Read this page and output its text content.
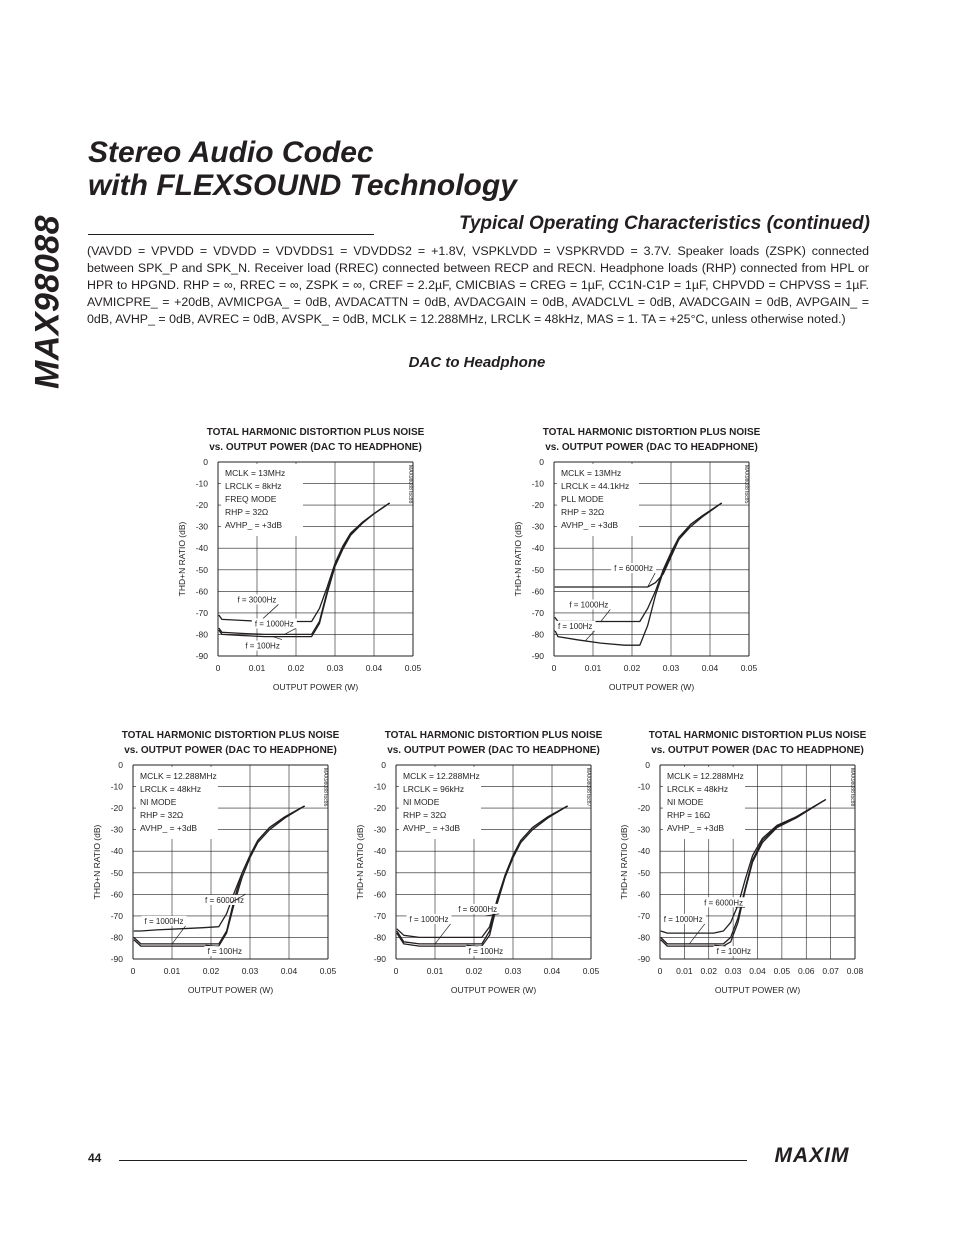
MAX98088
Stereo Audio Codec
with FLEXSOUND Technology
Typical Operating Characteristics (continued)

(VAVDD = VPVDD = VDVDD = VDVDDS1 = VDVDDS2 = +1.8V, VSPKLVDD = VSPKRVDD = 3.7V. Speaker loads (ZSPK) connected between SPK_P and SPK_N. Receiver load (RREC) connected between RECP and RECN. Headphone loads (RHP) connected from HPL or HPR to HPGND. RHP = ∞, RREC = ∞, ZSPK = ∞, CREF = 2.2µF, CMICBIAS = CREG = 1µF, CC1N-C1P = 1µF, CHPVDD = CHPVSS = 1µF. AVMICPRE_ = +20dB, AVMICPGA_ = 0dB, AVDACATTN = 0dB, AVDACGAIN = 0dB, AVADCLVL = 0dB, AVADCGAIN = 0dB, AVPGAIN_ = 0dB, AVHP_ = 0dB, AVREC = 0dB, AVSPK_ = 0dB, MCLK = 12.288MHz, LRCLK = 48kHz, MAS = 1. TA = +25°C, unless otherwise noted.)

DAC to Headphone
TOTAL HARMONIC DISTORTION PLUS NOISE
vs. OUTPUT POWER (DAC TO HEADPHONE)
0	0.01	0.02	0.03	0.04	0.05
0
-10
-20
-30
-40
-50
-60
-70
-80
-90
OUTPUT POWER (W)
THD+N RATIO (dB)
MAX98088 toc88
MCLK = 13MHz
LRCLK = 8kHz
FREQ MODE
RHP = 32Ω
AVHP_ = +3dB
f = 3000Hz
f = 1000Hz
f = 100Hz
TOTAL HARMONIC DISTORTION PLUS NOISE
vs. OUTPUT POWER (DAC TO HEADPHONE)
0	0.01	0.02	0.03	0.04	0.05
0
-10
-20
-30
-40
-50
-60
-70
-80
-90
OUTPUT POWER (W)
THD+N RATIO (dB)
MAX98088 toc85
MCLK = 13MHz
LRCLK = 44.1kHz
PLL MODE
RHP = 32Ω
AVHP_ = +3dB
f = 6000Hz
f = 1000Hz
f = 100Hz
TOTAL HARMONIC DISTORTION PLUS NOISE
vs. OUTPUT POWER (DAC TO HEADPHONE)
0	0.01	0.02	0.03	0.04	0.05
0
-10
-20
-30
-40
-50
-60
-70
-80
-90
OUTPUT POWER (W)
THD+N RATIO (dB)
MAX98088 toc86
MCLK = 12.288MHz
LRCLK = 48kHz
NI MODE
RHP = 32Ω
AVHP_ = +3dB
f = 6000Hz
f = 1000Hz
f = 100Hz
TOTAL HARMONIC DISTORTION PLUS NOISE
vs. OUTPUT POWER (DAC TO HEADPHONE)
0	0.01	0.02	0.03	0.04	0.05
0
-10
-20
-30
-40
-50
-60
-70
-80
-90
OUTPUT POWER (W)
THD+N RATIO (dB)
MAX98088 toc87
MCLK = 12.288MHz
LRCLK = 96kHz
NI MODE
RHP = 32Ω
AVHP_ = +3dB
f = 6000Hz
f = 1000Hz
f = 100Hz
TOTAL HARMONIC DISTORTION PLUS NOISE
vs. OUTPUT POWER (DAC TO HEADPHONE)
0 0.01 0.02 0.03 0.04 0.05 0.06 0.07 0.08
0
-10
-20
-30
-40
-50
-60
-70
-80
-90
OUTPUT POWER (W)
THD+N RATIO (dB)
MAX98088 toc88
MCLK = 12.288MHz
LRCLK = 48kHz
NI MODE
RHP = 16Ω
AVHP_ = +3dB
f = 6000Hz
f = 1000Hz
f = 100Hz
44	MAXIM
